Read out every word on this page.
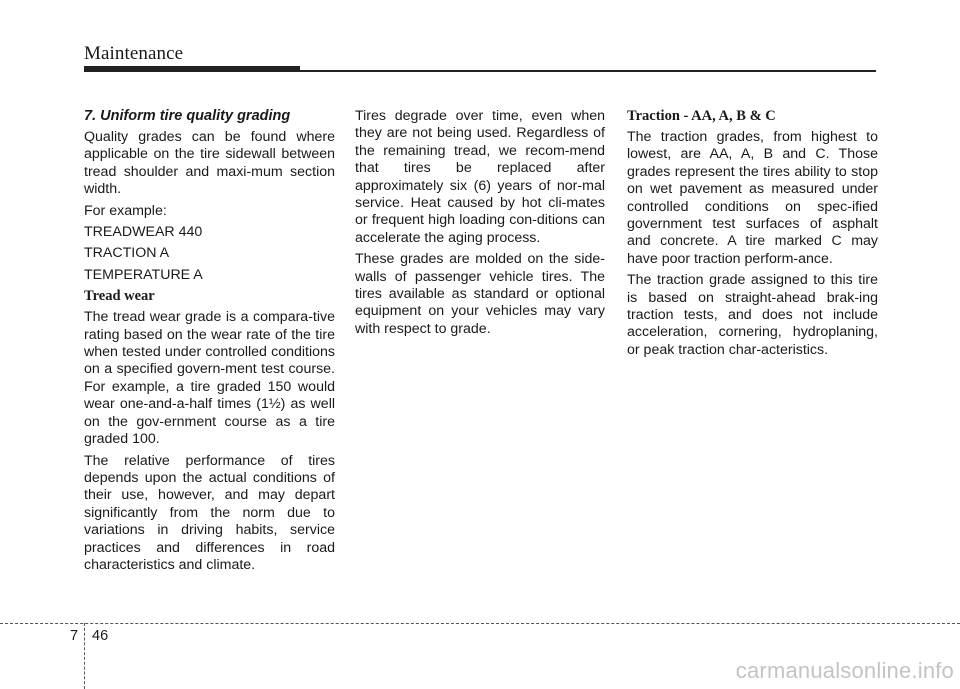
Maintenance

7. Uniform tire quality grading

Quality grades can be found where applicable on the tire sidewall between tread shoulder and maxi-mum section width.

For example:

TREADWEAR 440

TRACTION A

TEMPERATURE A

Tread wear

The tread wear grade is a compara-tive rating based on the wear rate of the tire when tested under controlled conditions on a specified govern-ment test course. For example, a tire graded 150 would wear one-and-a-half times (1½) as well on the gov-ernment course as a tire graded 100.

The relative performance of tires depends upon the actual conditions of their use, however, and may depart significantly from the norm due to variations in driving habits, service practices and differences in road characteristics and climate.

Tires degrade over time, even when they are not being used. Regardless of the remaining tread, we recom-mend that tires be replaced after approximately six (6) years of nor-mal service. Heat caused by hot cli-mates or frequent high loading con-ditions can accelerate the aging process.

These grades are molded on the side-walls of passenger vehicle tires. The tires available as standard or optional equipment on your vehicles may vary with respect to grade.

Traction - AA, A, B & C

The traction grades, from highest to lowest, are AA, A, B and C. Those grades represent the tires ability to stop on wet pavement as measured under controlled conditions on spec-ified government test surfaces of asphalt and concrete. A tire marked C may have poor traction perform-ance.

The traction grade assigned to this tire is based on straight-ahead brak-ing traction tests, and does not include acceleration, cornering, hydroplaning, or peak traction char-acteristics.

7 46
carmanualsonline.info
